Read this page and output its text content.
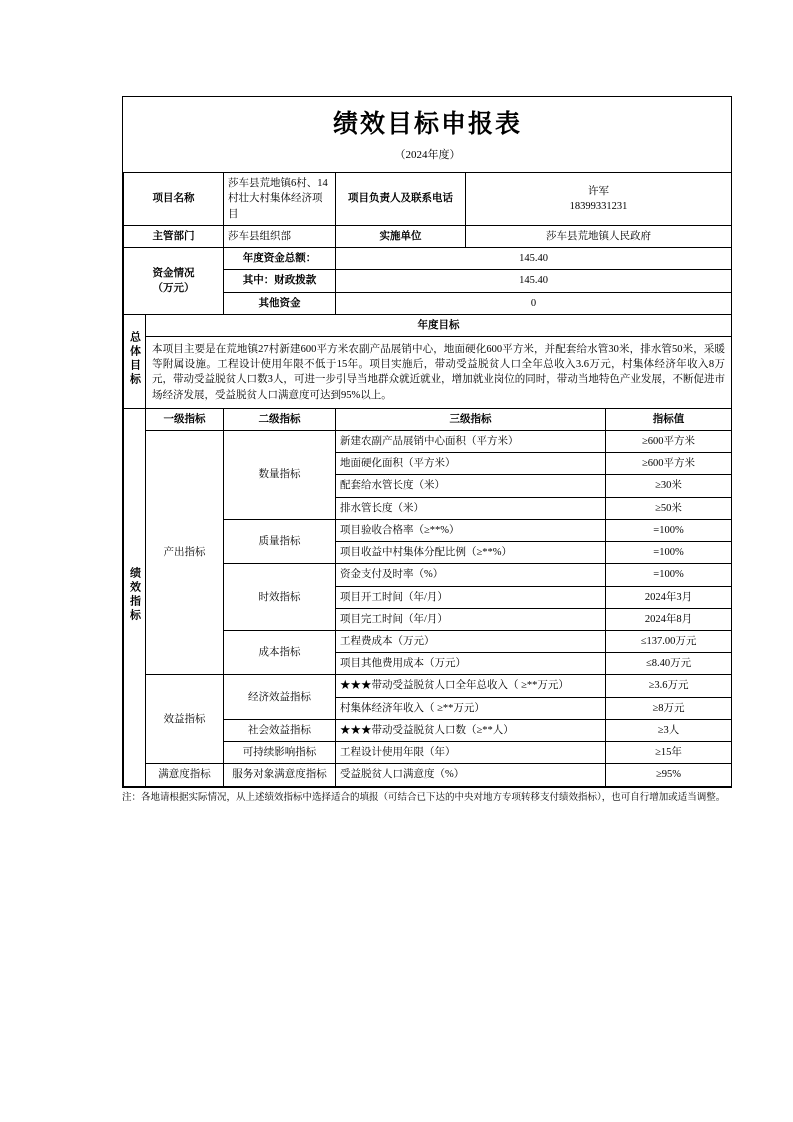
绩效目标申报表
（2024年度）					

项目名称		莎车县荒地镇6村、14村壮大村集体经济项目	项目负责人及联系电话	许军
18399331231	

主管部门		莎车县组织部	实施单位	莎车县荒地镇人民政府	

资金情况
（万元）		年度资金总额：	145.40		
		其中：财政拨款	145.40		
		其他资金	0		
总体目标	年度目标				
	本项目主要是在荒地镇27村新建600平方米农副产品展销中心，地面硬化600平方米，并配套给水管30米，排水管50米，采暖等附属设施。工程设计使用年限不低于15年。项目实施后，带动受益脱贫人口全年总收入3.6万元，村集体经济年收入8万元，带动受益脱贫人口数3人，可进一步引导当地群众就近就业，增加就业岗位的同时，带动当地特色产业发展，不断促进市场经济发展，受益脱贫人口满意度可达到95%以上。				
绩效指标	一级指标	二级指标	三级指标		指标值
	产出指标	数量指标	新建农副产品展销中心面积（平方米）		≥600平方米
			地面硬化面积（平方米）		≥600平方米
			配套给水管长度（米）		≥30米
			排水管长度（米）		≥50米
		质量指标	项目验收合格率（≥**%）		=100%
			项目收益中村集体分配比例（≥**%）		=100%
		时效指标	资金支付及时率（%）		=100%
			项目开工时间（年/月）		2024年3月
			项目完工时间（年/月）		2024年8月
		成本指标	工程费成本（万元）		≤137.00万元
			项目其他费用成本（万元）		≤8.40万元
	效益指标	经济效益指标	★★★带动受益脱贫人口全年总收入（ ≥**万元）		≥3.6万元
			村集体经济年收入（ ≥**万元）		≥8万元
		社会效益指标	★★★带动受益脱贫人口数（≥**人）		≥3人
		可持续影响指标	工程设计使用年限（年）		≥15年
	满意度指标	服务对象满意度指标	受益脱贫人口满意度（%）		≥95%
注：各地请根据实际情况，从上述绩效指标中选择适合的填报（可结合已下达的中央对地方专项转移支付绩效指标），也可自行增加或适当调整。
